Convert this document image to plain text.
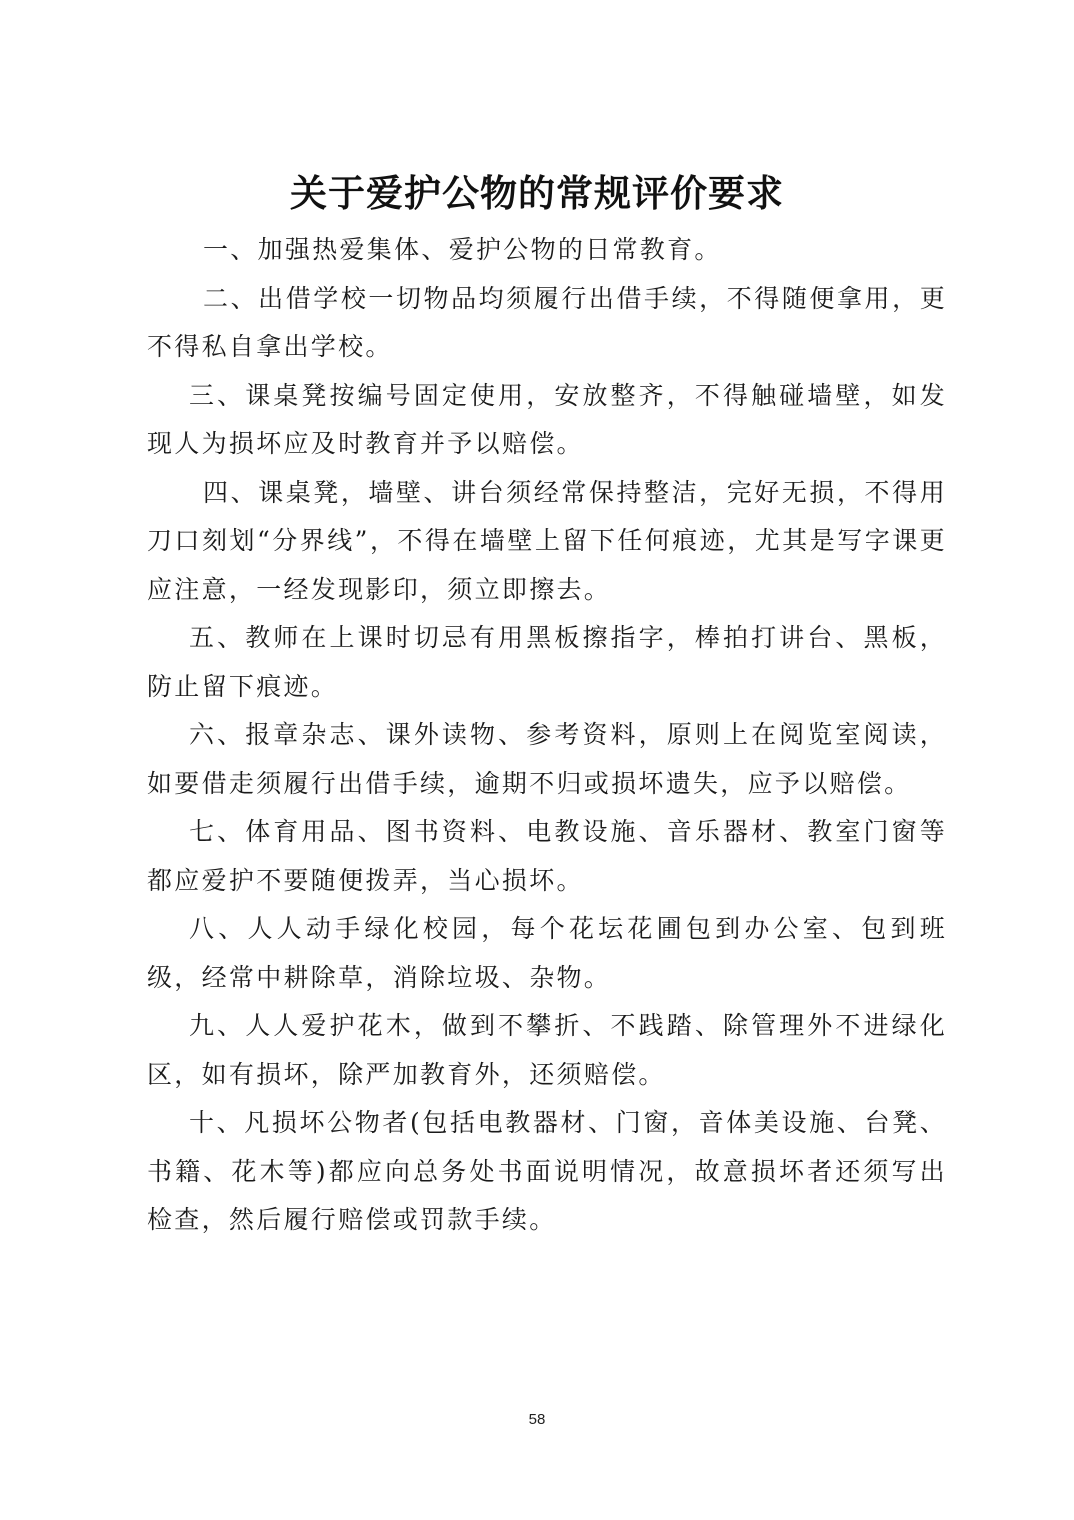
关于爱护公物的常规评价要求

一、加强热爱集体、爱护公物的日常教育。

二、出借学校一切物品均须履行出借手续，不得随便拿用，更不得私自拿出学校。

三、课桌凳按编号固定使用，安放整齐，不得触碰墙壁，如发现人为损坏应及时教育并予以赔偿。

四、课桌凳，墙壁、讲台须经常保持整洁，完好无损，不得用刀口刻划“分界线”，不得在墙壁上留下任何痕迹，尤其是写字课更应注意，一经发现影印，须立即擦去。

五、教师在上课时切忌有用黑板擦指字，棒拍打讲台、黑板，防止留下痕迹。

六、报章杂志、课外读物、参考资料，原则上在阅览室阅读，如要借走须履行出借手续，逾期不归或损坏遗失，应予以赔偿。

七、体育用品、图书资料、电教设施、音乐器材、教室门窗等都应爱护不要随便拨弄，当心损坏。

八、人人动手绿化校园，每个花坛花圃包到办公室、包到班级，经常中耕除草，消除垃圾、杂物。

九、人人爱护花木，做到不攀折、不践踏、除管理外不进绿化区，如有损坏，除严加教育外，还须赔偿。

十、凡损坏公物者(包括电教器材、门窗，音体美设施、台凳、书籍、花木等)都应向总务处书面说明情况，故意损坏者还须写出检查，然后履行赔偿或罚款手续。

58
